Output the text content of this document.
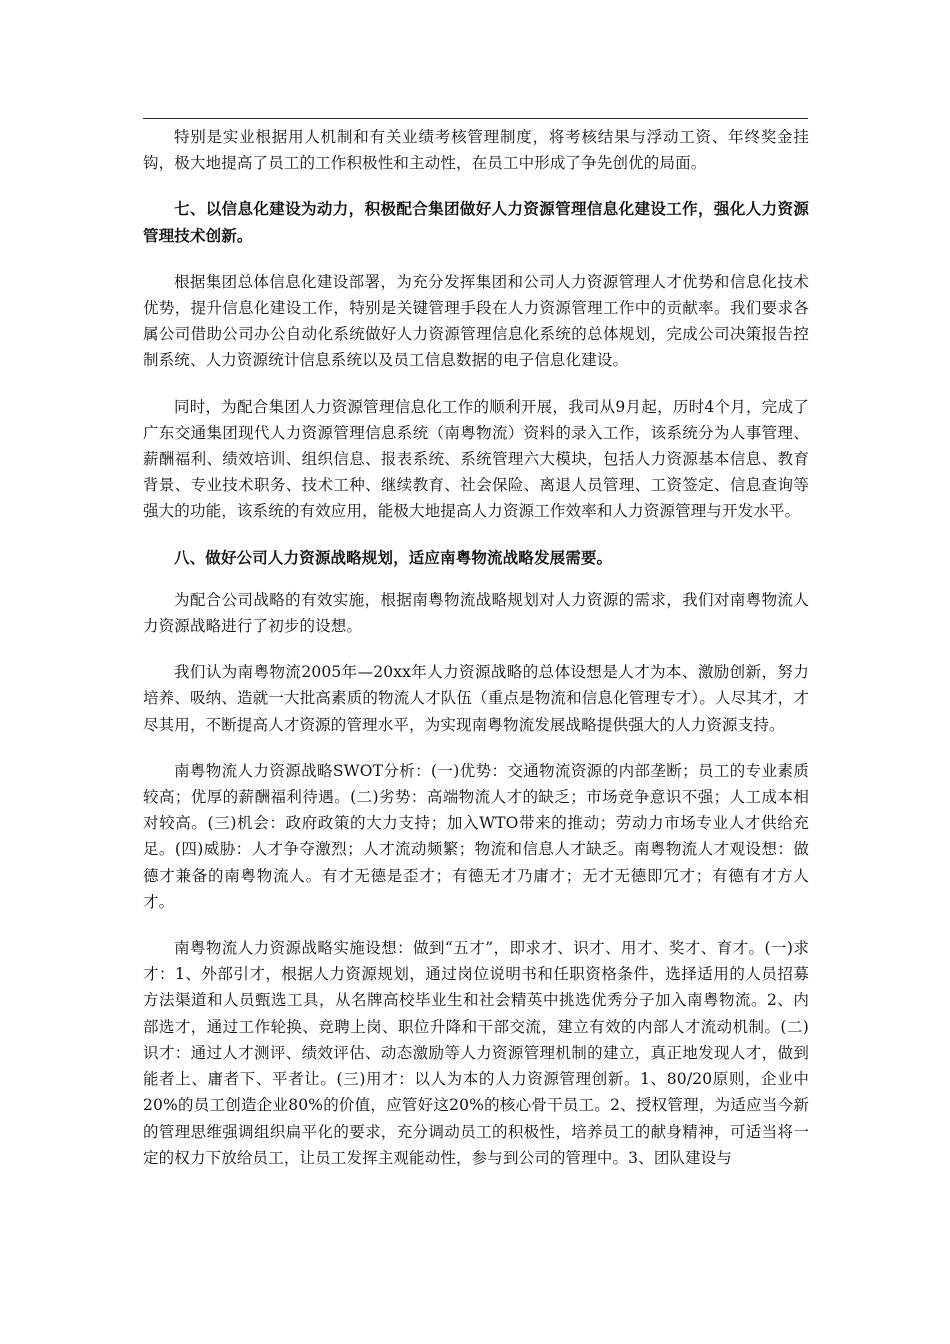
特别是实业根据用人机制和有关业绩考核管理制度，将考核结果与浮动工资、年终奖金挂钩，极大地提高了员工的工作积极性和主动性，在员工中形成了争先创优的局面。

七、以信息化建设为动力，积极配合集团做好人力资源管理信息化建设工作，强化人力资源管理技术创新。

根据集团总体信息化建设部署，为充分发挥集团和公司人力资源管理人才优势和信息化技术优势，提升信息化建设工作，特别是关键管理手段在人力资源管理工作中的贡献率。我们要求各属公司借助公司办公自动化系统做好人力资源管理信息化系统的总体规划，完成公司决策报告控制系统、人力资源统计信息系统以及员工信息数据的电子信息化建设。

同时，为配合集团人力资源管理信息化工作的顺利开展，我司从9月起，历时4个月，完成了广东交通集团现代人力资源管理信息系统（南粤物流）资料的录入工作，该系统分为人事管理、薪酬福利、绩效培训、组织信息、报表系统、系统管理六大模块，包括人力资源基本信息、教育背景、专业技术职务、技术工种、继续教育、社会保险、离退人员管理、工资签定、信息查询等强大的功能，该系统的有效应用，能极大地提高人力资源工作效率和人力资源管理与开发水平。

八、做好公司人力资源战略规划，适应南粤物流战略发展需要。

为配合公司战略的有效实施，根据南粤物流战略规划对人力资源的需求，我们对南粤物流人力资源战略进行了初步的设想。

我们认为南粤物流2005年—20xx年人力资源战略的总体设想是人才为本、激励创新，努力培养、吸纳、造就一大批高素质的物流人才队伍（重点是物流和信息化管理专才）。人尽其才，才尽其用，不断提高人才资源的管理水平，为实现南粤物流发展战略提供强大的人力资源支持。

南粤物流人力资源战略SWOT分析：(一)优势：交通物流资源的内部垄断；员工的专业素质较高；优厚的薪酬福利待遇。(二)劣势：高端物流人才的缺乏；市场竞争意识不强；人工成本相对较高。(三)机会：政府政策的大力支持；加入WTO带来的推动；劳动力市场专业人才供给充足。(四)威胁：人才争夺激烈；人才流动频繁；物流和信息人才缺乏。南粤物流人才观设想：做德才兼备的南粤物流人。有才无德是歪才；有德无才乃庸才；无才无德即冗才；有德有才方人才。

南粤物流人力资源战略实施设想：做到“五才”，即求才、识才、用才、奖才、育才。(一)求才：1、外部引才，根据人力资源规划，通过岗位说明书和任职资格条件，选择适用的人员招募方法渠道和人员甄选工具，从名牌高校毕业生和社会精英中挑选优秀分子加入南粤物流。2、内部选才，通过工作轮换、竞聘上岗、职位升降和干部交流，建立有效的内部人才流动机制。(二)识才：通过人才测评、绩效评估、动态激励等人力资源管理机制的建立，真正地发现人才，做到能者上、庸者下、平者让。(三)用才：以人为本的人力资源管理创新。1、80/20原则，企业中20%的员工创造企业80%的价值，应管好这20%的核心骨干员工。2、授权管理，为适应当今新的管理思维强调组织扁平化的要求，充分调动员工的积极性，培养员工的献身精神，可适当将一定的权力下放给员工，让员工发挥主观能动性，参与到公司的管理中。3、团队建设与
